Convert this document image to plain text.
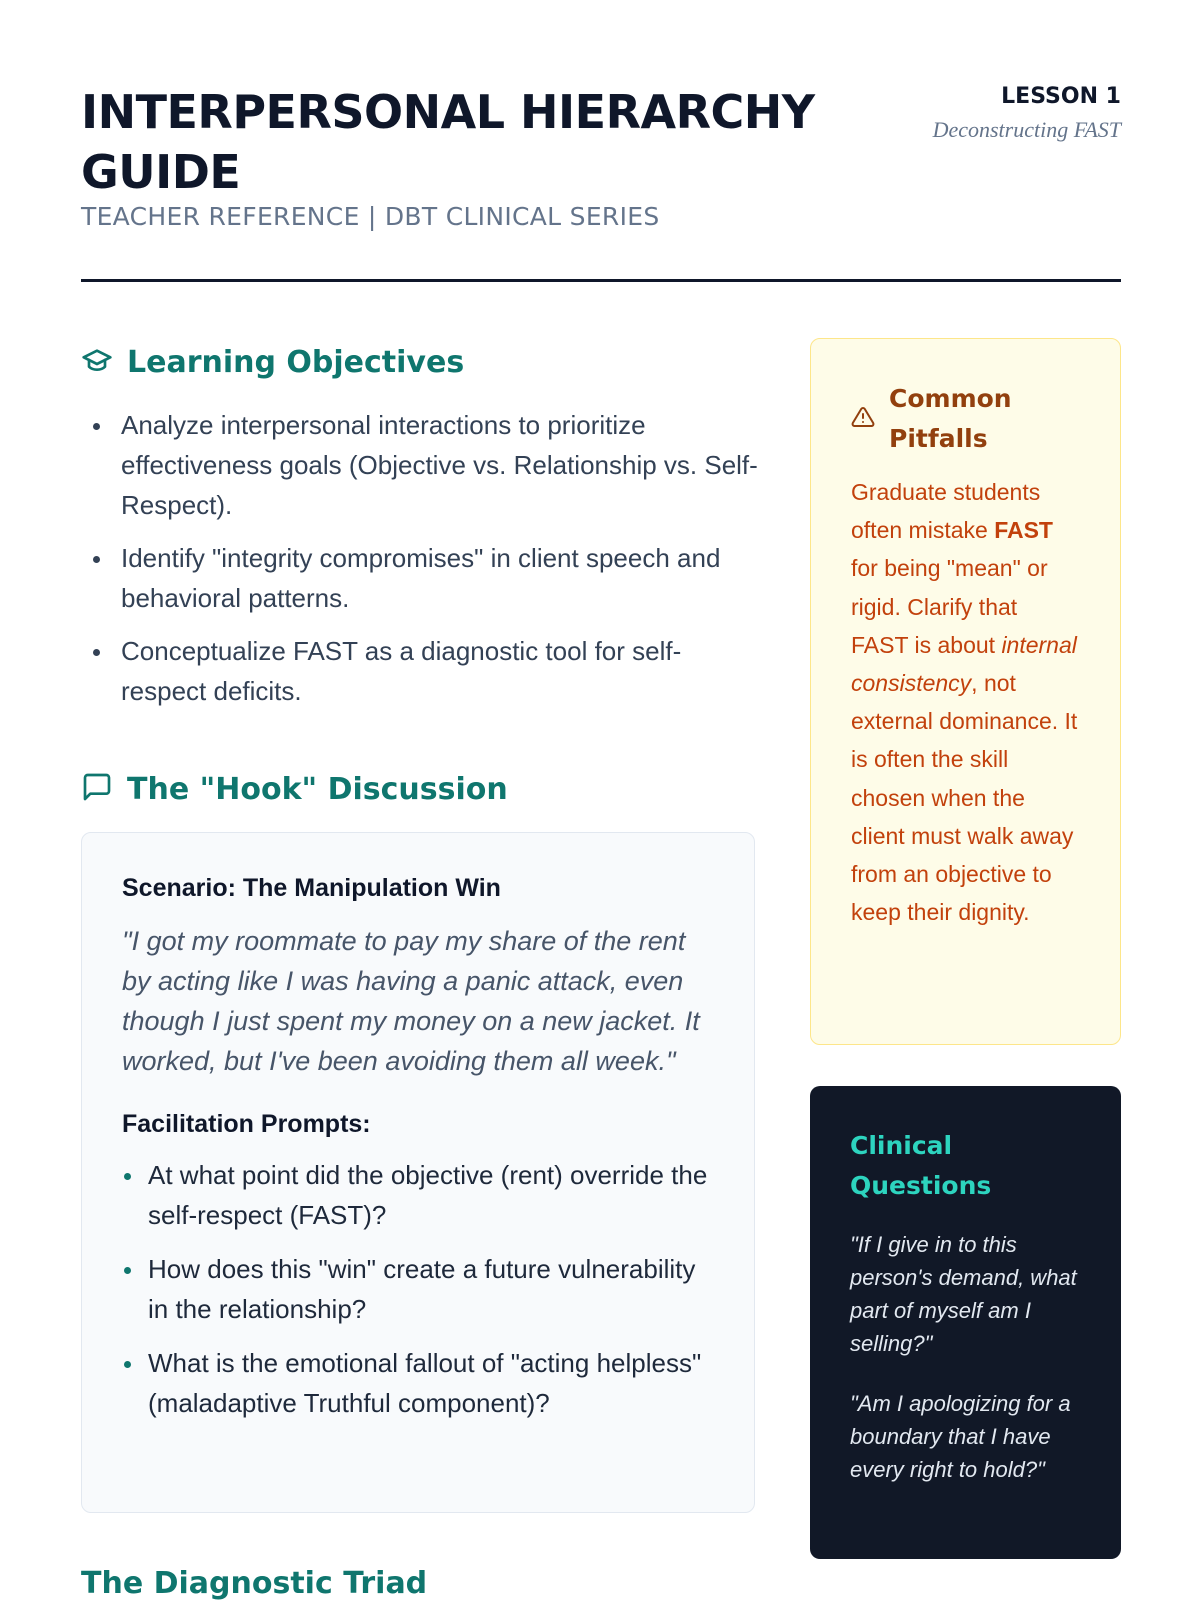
INTERPERSONAL HIERARCHY GUIDE
TEACHER REFERENCE | DBT CLINICAL SERIES
LESSON 1
Deconstructing FAST
Learning Objectives
Analyze interpersonal interactions to prioritize effectiveness goals (Objective vs. Relationship vs. Self-Respect).
Identify "integrity compromises" in client speech and behavioral patterns.
Conceptualize FAST as a diagnostic tool for self-respect deficits.
The "Hook" Discussion
Scenario: The Manipulation Win

"I got my roommate to pay my share of the rent by acting like I was having a panic attack, even though I just spent my money on a new jacket. It worked, but I've been avoiding them all week."

Facilitation Prompts:
At what point did the objective (rent) override the self-respect (FAST)?
How does this "win" create a future vulnerability in the relationship?
What is the emotional fallout of "acting helpless" (maladaptive Truthful component)?
The Diagnostic Triad
Common Pitfalls

Graduate students often mistake FAST for being "mean" or rigid. Clarify that FAST is about internal consistency, not external dominance. It is often the skill chosen when the client must walk away from an objective to keep their dignity.

Clinical Questions

"If I give in to this person's demand, what part of myself am I selling?"

"Am I apologizing for a boundary that I have every right to hold?"
